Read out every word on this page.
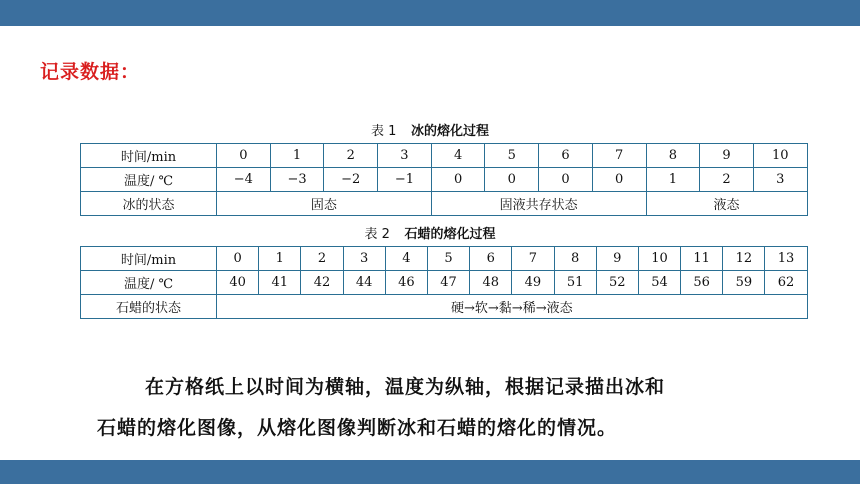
记录数据：
表 1 冰的熔化过程
时间/min	0	1	2	3	4	5	6	7	8	9	10
温度/ ℃	−4	−3	−2	−1	0	0	0	0	1	2	3
冰的状态	固态				固液共存状态				液态		
表 2 石蜡的熔化过程
时间/min	0	1	2	3	4	5	6	7	8	9	10	11	12	13
温度/ ℃	40	41	42	44	46	47	48	49	51	52	54	56	59	62
石蜡的状态	硬→软→黏→稀→液态													
在方格纸上以时间为横轴，温度为纵轴，根据记录描出冰和
石蜡的熔化图像，从熔化图像判断冰和石蜡的熔化的情况。
